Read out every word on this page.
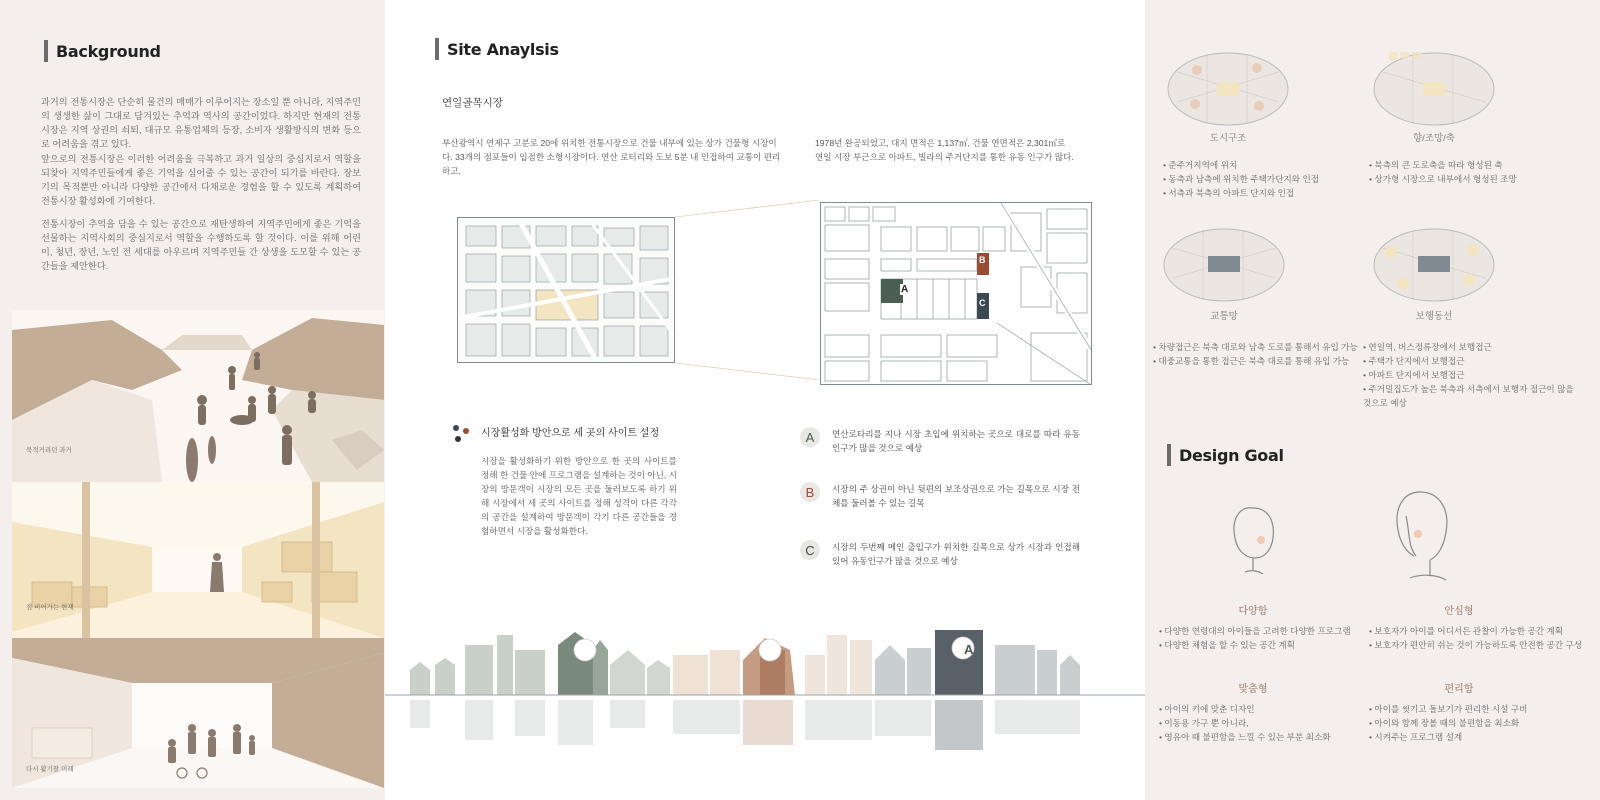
Background

과거의 전통시장은 단순히 물건의 매매가 이루어지는 장소일 뿐 아니라, 지역주민의 생생한 삶이 그대로 담겨있는 추억과 역사의 공간이었다. 하지만 현재의 전통시장은 지역 상권의 쇠퇴, 대규모 유통업체의 등장, 소비자 생활방식의 변화 등으로 어려움을 겪고 있다.

앞으로의 전통시장은 이러한 어려움을 극복하고 과거 일상의 중심지로서 역할을 되찾아 지역주민들에게 좋은 기억을 심어줄 수 있는 공간이 되기를 바란다. 장보기의 목적뿐만 아니라 다양한 공간에서 다채로운 경험을 할 수 있도록 계획하여 전통시장 활성화에 기여한다.

전통시장이 추억을 담을 수 있는 공간으로 재탄생하여 지역주민에게 좋은 기억을 선물하는 지역사회의 중심지로서 역할을 수행하도록 할 것이다. 이를 위해 어린이, 청년, 장년, 노인 전 세대를 아우르며 지역주민들 간 상생을 도모할 수 있는 공간들을 제안한다.

북적거리던 과거
점 비어가는 현재
다시 활기찰 미래
Site Anaylsis
연일골목시장

부산광역시 연제구 고분로 20에 위치한 전통시장으로 건물 내부에 있는 상가 건물형 시장이다. 33개의 점포들이 입점한 소형시장이다. 연산 로터리와 도보 5분 내 인접하여 교통이 편리하고,

1978년 완공되었고, 대지 면적은 1,137㎡, 건물 연면적은 2,301㎡로 연일 시장 부근으로 아파트, 빌라의 주거단지를 통한 유동 인구가 많다.

A
B
C
시장활성화 방안으로 세 곳의 사이트 설정

시장을 활성화하기 위한 방안으로 한 곳의 사이트를 정해 한 건물 안에 프로그램을 설계하는 것이 아닌, 시장의 방문객이 시장의 모든 곳을 둘러보도록 하기 위해 시장에서 세 곳의 사이트를 정해 성격이 다른 각각의 공간을 설계하여 방문객이 각기 다른 공간들을 경험하면서 시장을 활성화한다.

A	연산로타리를 지나 시장 초입에 위치하는 곳으로 대로를 따라 유동인구가 많을 것으로 예상
B	시장의 주 상권이 아닌 뒷편의 보조상권으로 가는 길목으로 시장 전체를 둘러볼 수 있는 길목
C	시장의 두번째 메인 출입구가 위치한 길목으로 상가 시장과 인접해 있어 유동인구가 많을 것으로 예상
A
도시구조
• 준주거지역에 위치
• 동측과 남측에 위치한 주택가단지와 인접
• 서측과 북측의 아파트 단지와 인접
향/조망/축
• 북측의 큰 도로축을 따라 형성된 축
• 상가형 시장으로 내부에서 형성된 조망
교통망
• 차량접근은 북측 대로와 남측 도로를 통해서 유입 가능
• 대중교통을 통한 접근은 북측 대로를 통해 유입 가능
보행동선
• 연일역, 버스정류장에서 보행접근
• 주택가 단지에서 보행접근
• 아파트 단지에서 보행접근
• 주거밀집도가 높은 북측과 서측에서 보행자 접근이 많을 것으로 예상
Design Goal
다양함
• 다양한 연령대의 아이들을 고려한 다양한 프로그램
• 다양한 체험을 할 수 있는 공간 계획
안심형
• 보호자가 아이를 어디서든 관찰이 가능한 공간 계획
• 보호자가 편안히 쉬는 것이 가능하도록 안전한 공간 구성
맞춤형
• 아이의 키에 맞춘 디자인
• 이동용 가구 뿐 아니라,
• 영유아 때 불편함을 느낄 수 있는 부분 최소화
편리함
• 아이를 씻기고 돌보기가 편리한 시설 구비
• 아이와 함께 장볼 때의 불편함을 최소화
• 시켜주는 프로그램 설계
